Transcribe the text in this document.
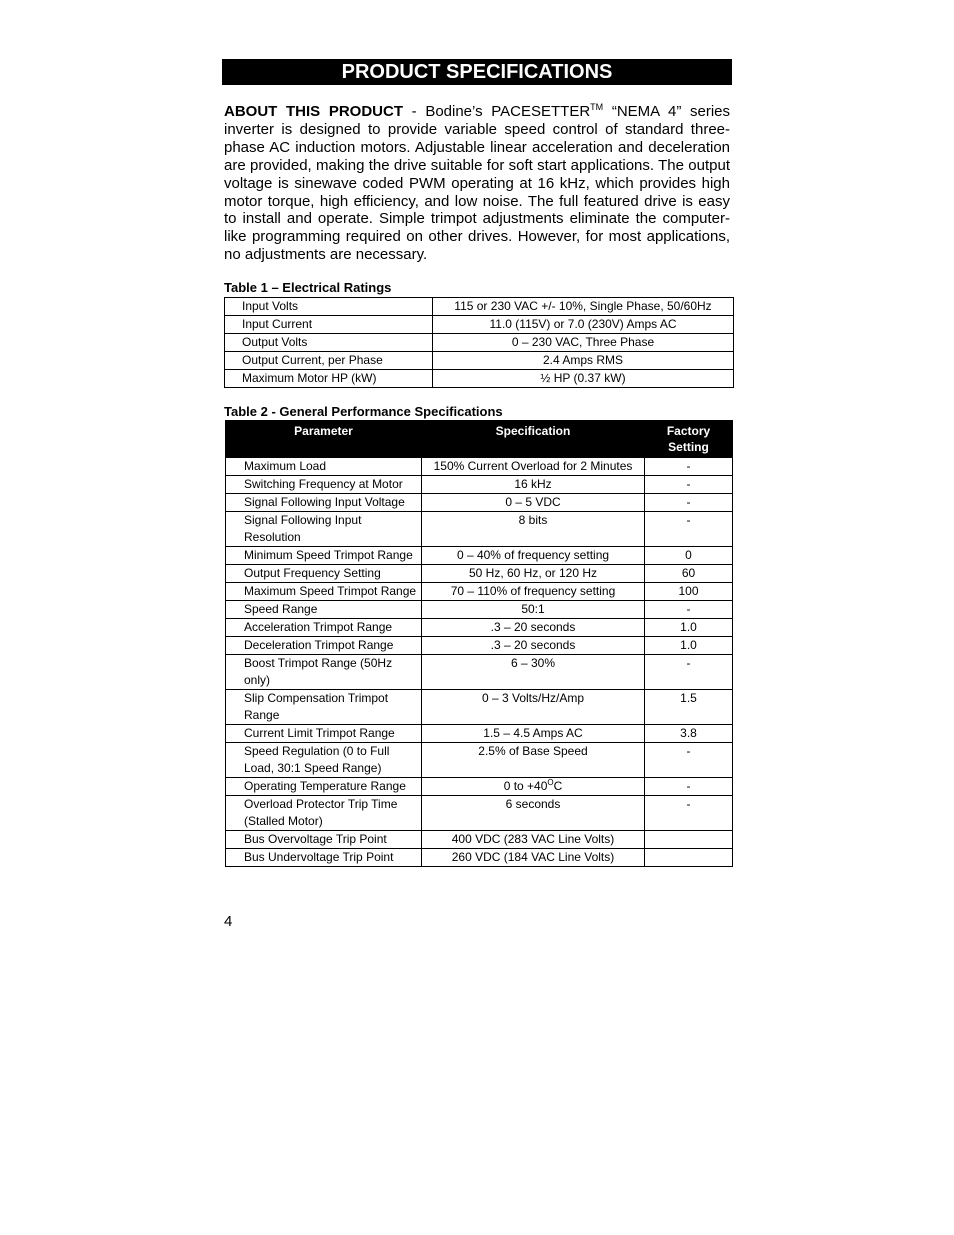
PRODUCT SPECIFICATIONS

ABOUT THIS PRODUCT - Bodine’s PACESETTER™ “NEMA 4” series inverter is designed to provide variable speed control of standard three-phase AC induction motors. Adjustable linear acceleration and deceleration are provided, making the drive suitable for soft start applications. The output voltage is sinewave coded PWM operating at 16 kHz, which provides high motor torque, high efficiency, and low noise. The full featured drive is easy to install and operate. Simple trimpot adjustments eliminate the computer-like programming required on other drives. However, for most applications, no adjustments are necessary.

Table 1 – Electrical Ratings
Input Volts	115 or 230 VAC +/- 10%, Single Phase, 50/60Hz
Input Current	11.0 (115V) or 7.0 (230V) Amps AC
Output Volts	0 – 230 VAC, Three Phase
Output Current, per Phase	2.4 Amps RMS
Maximum Motor HP (kW)	½ HP (0.37 kW)
Table 2 - General Performance Specifications
Parameter	Specification	Factory Setting
Maximum Load	150% Current Overload for 2 Minutes	-
Switching Frequency at Motor	16 kHz	-
Signal Following Input Voltage	0 – 5 VDC	-
Signal Following Input Resolution	8 bits	-
Minimum Speed Trimpot Range	0 – 40% of frequency setting	0
Output Frequency Setting	50 Hz, 60 Hz, or 120 Hz	60
Maximum Speed Trimpot Range	70 – 110% of frequency setting	100
Speed Range	50:1	-
Acceleration Trimpot Range	.3 – 20 seconds	1.0
Deceleration Trimpot Range	.3 – 20 seconds	1.0
Boost Trimpot Range (50Hz only)	6 – 30%	-
Slip Compensation Trimpot Range	0 – 3 Volts/Hz/Amp	1.5
Current Limit Trimpot Range	1.5 – 4.5 Amps AC	3.8
Speed Regulation (0 to Full Load, 30:1 Speed Range)	2.5% of Base Speed	-
Operating Temperature Range	0 to $+40^OC$	-
Overload Protector Trip Time (Stalled Motor)	6 seconds	-
Bus Overvoltage Trip Point	400 VDC (283 VAC Line Volts)	
Bus Undervoltage Trip Point	260 VDC (184 VAC Line Volts)	
4
